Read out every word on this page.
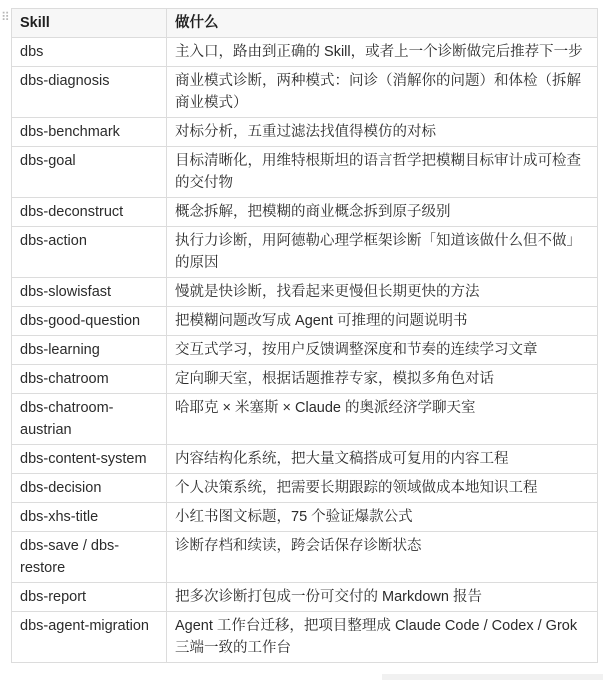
⠿ Skill	做什么
dbs	主入口，路由到正确的 Skill，或者上一个诊断做完后推荐下一步
dbs-diagnosis	商业模式诊断，两种模式：问诊（消解你的问题）和体检（拆解商业模式）
dbs-benchmark	对标分析，五重过滤法找值得模仿的对标
dbs-goal	目标清晰化，用维特根斯坦的语言哲学把模糊目标审计成可检查的交付物
dbs-deconstruct	概念拆解，把模糊的商业概念拆到原子级别
dbs-action	执行力诊断，用阿德勒心理学框架诊断「知道该做什么但不做」的原因
dbs-slowisfast	慢就是快诊断，找看起来更慢但长期更快的方法
dbs-good-question	把模糊问题改写成 Agent 可推理的问题说明书
dbs-learning	交互式学习，按用户反馈调整深度和节奏的连续学习文章
dbs-chatroom	定向聊天室，根据话题推荐专家，模拟多角色对话
dbs-chatroom-austrian	哈耶克 × 米塞斯 × Claude 的奥派经济学聊天室
dbs-content-system	内容结构化系统，把大量文稿搭成可复用的内容工程
dbs-decision	个人决策系统，把需要长期跟踪的领域做成本地知识工程
dbs-xhs-title	小红书图文标题，75 个验证爆款公式
dbs-save / dbs-restore	诊断存档和续读，跨会话保存诊断状态
dbs-report	把多次诊断打包成一份可交付的 Markdown 报告
dbs-agent-migration	Agent 工作台迁移，把项目整理成 Claude Code / Codex / Grok 三端一致的工作台
